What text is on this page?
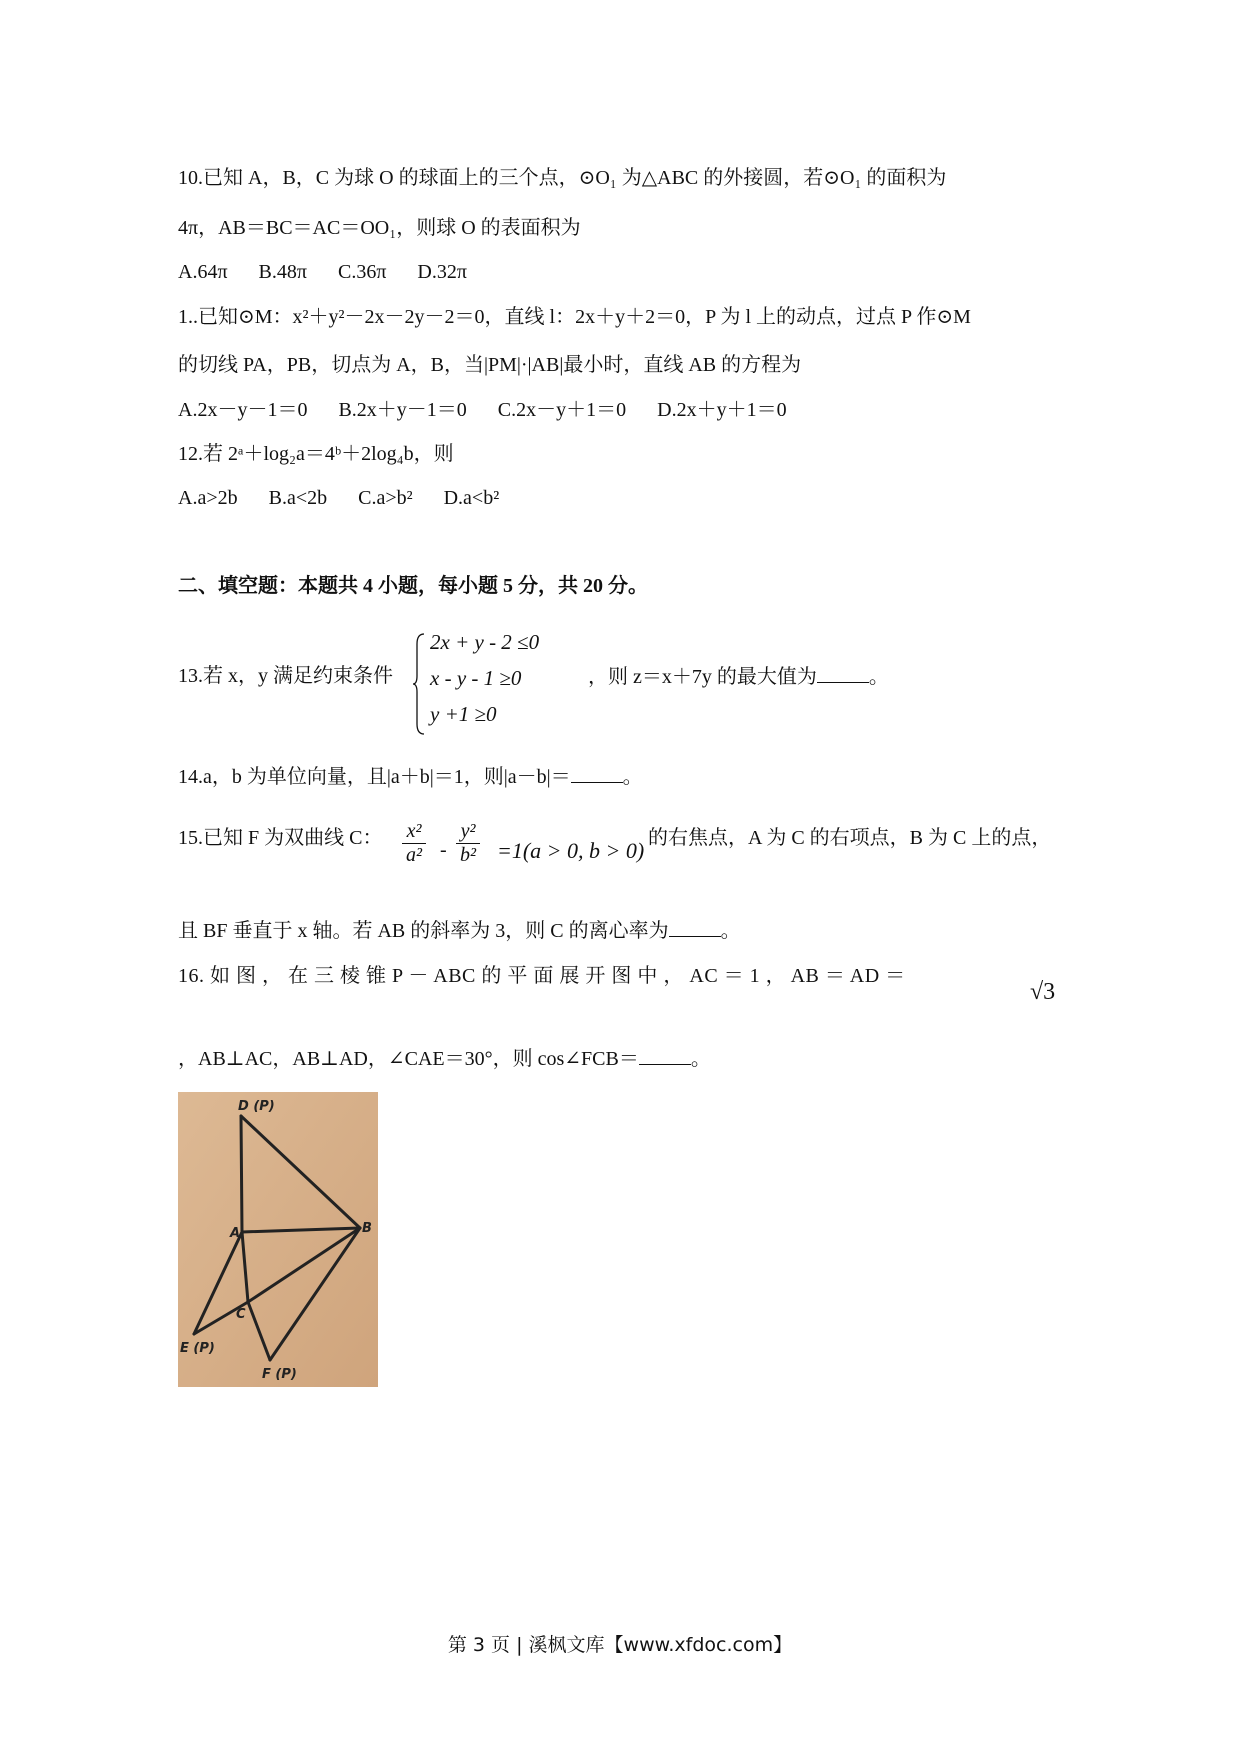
10.已知 A，B，C 为球 O 的球面上的三个点，⊙O₁ 为△ABC 的外接圆，若⊙O₁ 的面积为
4π，AB＝BC＝AC＝OO₁，则球 O 的表面积为
A.64π B.48π C.36π D.32π
1..已知⊙M：x²＋y²－2x－2y－2＝0，直线 l：2x＋y＋2＝0，P 为 l 上的动点，过点 P 作⊙M
的切线 PA，PB，切点为 A，B，当|PM|·|AB|最小时，直线 AB 的方程为
A.2x－y－1＝0 B.2x＋y－1＝0 C.2x－y＋1＝0 D.2x＋y＋1＝0
12.若 2ᵃ＋log₂a＝4ᵇ＋2log₄b，则
A.a>2b B.a<2b C.a>b² D.a<b²
二、填空题：本题共 4 小题，每小题 5 分，共 20 分。
13.若 x，y 满足约束条件
2x + y - 2 ≤0
x - y - 1 ≥0
y +1 ≥0
，则 z＝x＋7y 的最大值为	。
14.a，b 为单位向量，且|a＋b|＝1，则|a－b|＝	。
15.已知 F 为双曲线 C： $\frac{\text{x²}}{\text{a²}} - \frac{\text{y²}}{\text{b²}} =1(a > 0$, b > 0) 的右焦点，A 为 C 的右项点，B 为 C 上的点，
且 BF 垂直于 x 轴。若 AB 的斜率为 3，则 C 的离心率为	。
16. 如 图 ， 在 三 棱 锥 P － ABC 的 平 面 展 开 图 中 ， AC ＝ 1 ， AB ＝ AD ＝
√3
，AB⊥AC，AB⊥AD，∠CAE＝30°，则 cos∠FCB＝	。
D (P)
A	B
C
E (P)
F (P)
第 3 页 | 溪枫文库【www.xfdoc.com】
